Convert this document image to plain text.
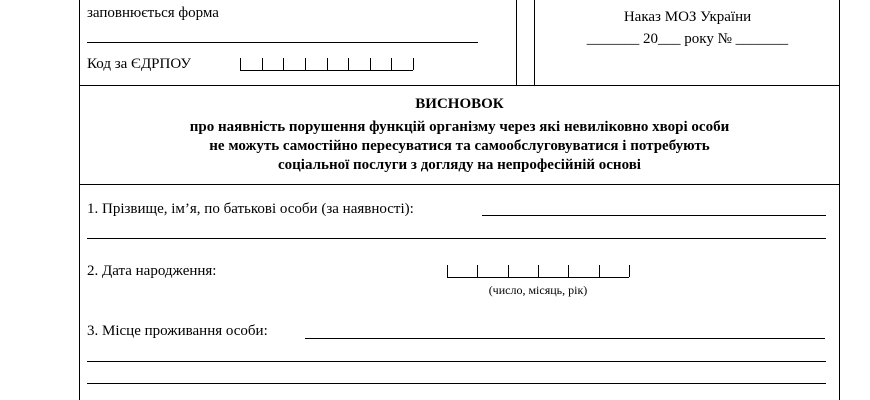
заповнюється форма
Код за ЄДРПОУ
Наказ МОЗ України
_______ 20___ року № _______
ВИСНОВОК
про наявність порушення функцій організму через які невиліковно хворі особи
не можуть самостійно пересуватися та самообслуговуватися і потребують
соціальної послуги з догляду на непрофесійній основі
1. Прізвище, ім’я, по батькові особи (за наявності):
2. Дата народження:
(число, місяць, рік)
3. Місце проживання особи:
